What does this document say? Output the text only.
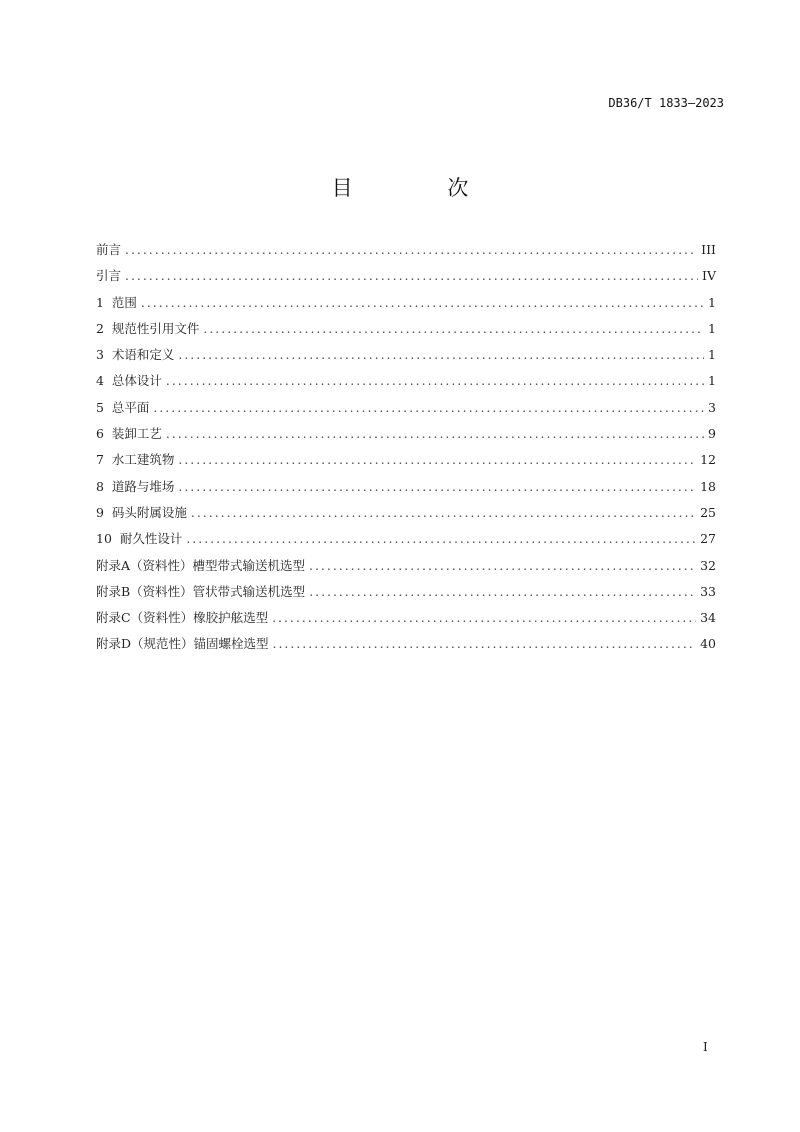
DB36/T 1833—2023
目 次
前言 . . .	III
引言 . . .	IV
1  范围 . . .	1
2  规范性引用文件 . . .	1
3  术语和定义 . . .	1
4  总体设计 . . .	1
5  总平面 . . .	3
6  装卸工艺 . . .	9
7  水工建筑物 . . .	12
8  道路与堆场 . . .	18
9  码头附属设施 . . .	25
10  耐久性设计 . . .	27
附录A（资料性）槽型带式输送机选型 . . .	32
附录B（资料性）管状带式输送机选型 . . .	33
附录C（资料性）橡胶护舷选型 . . .	34
附录D（规范性）锚固螺栓选型 . . .	40
I
